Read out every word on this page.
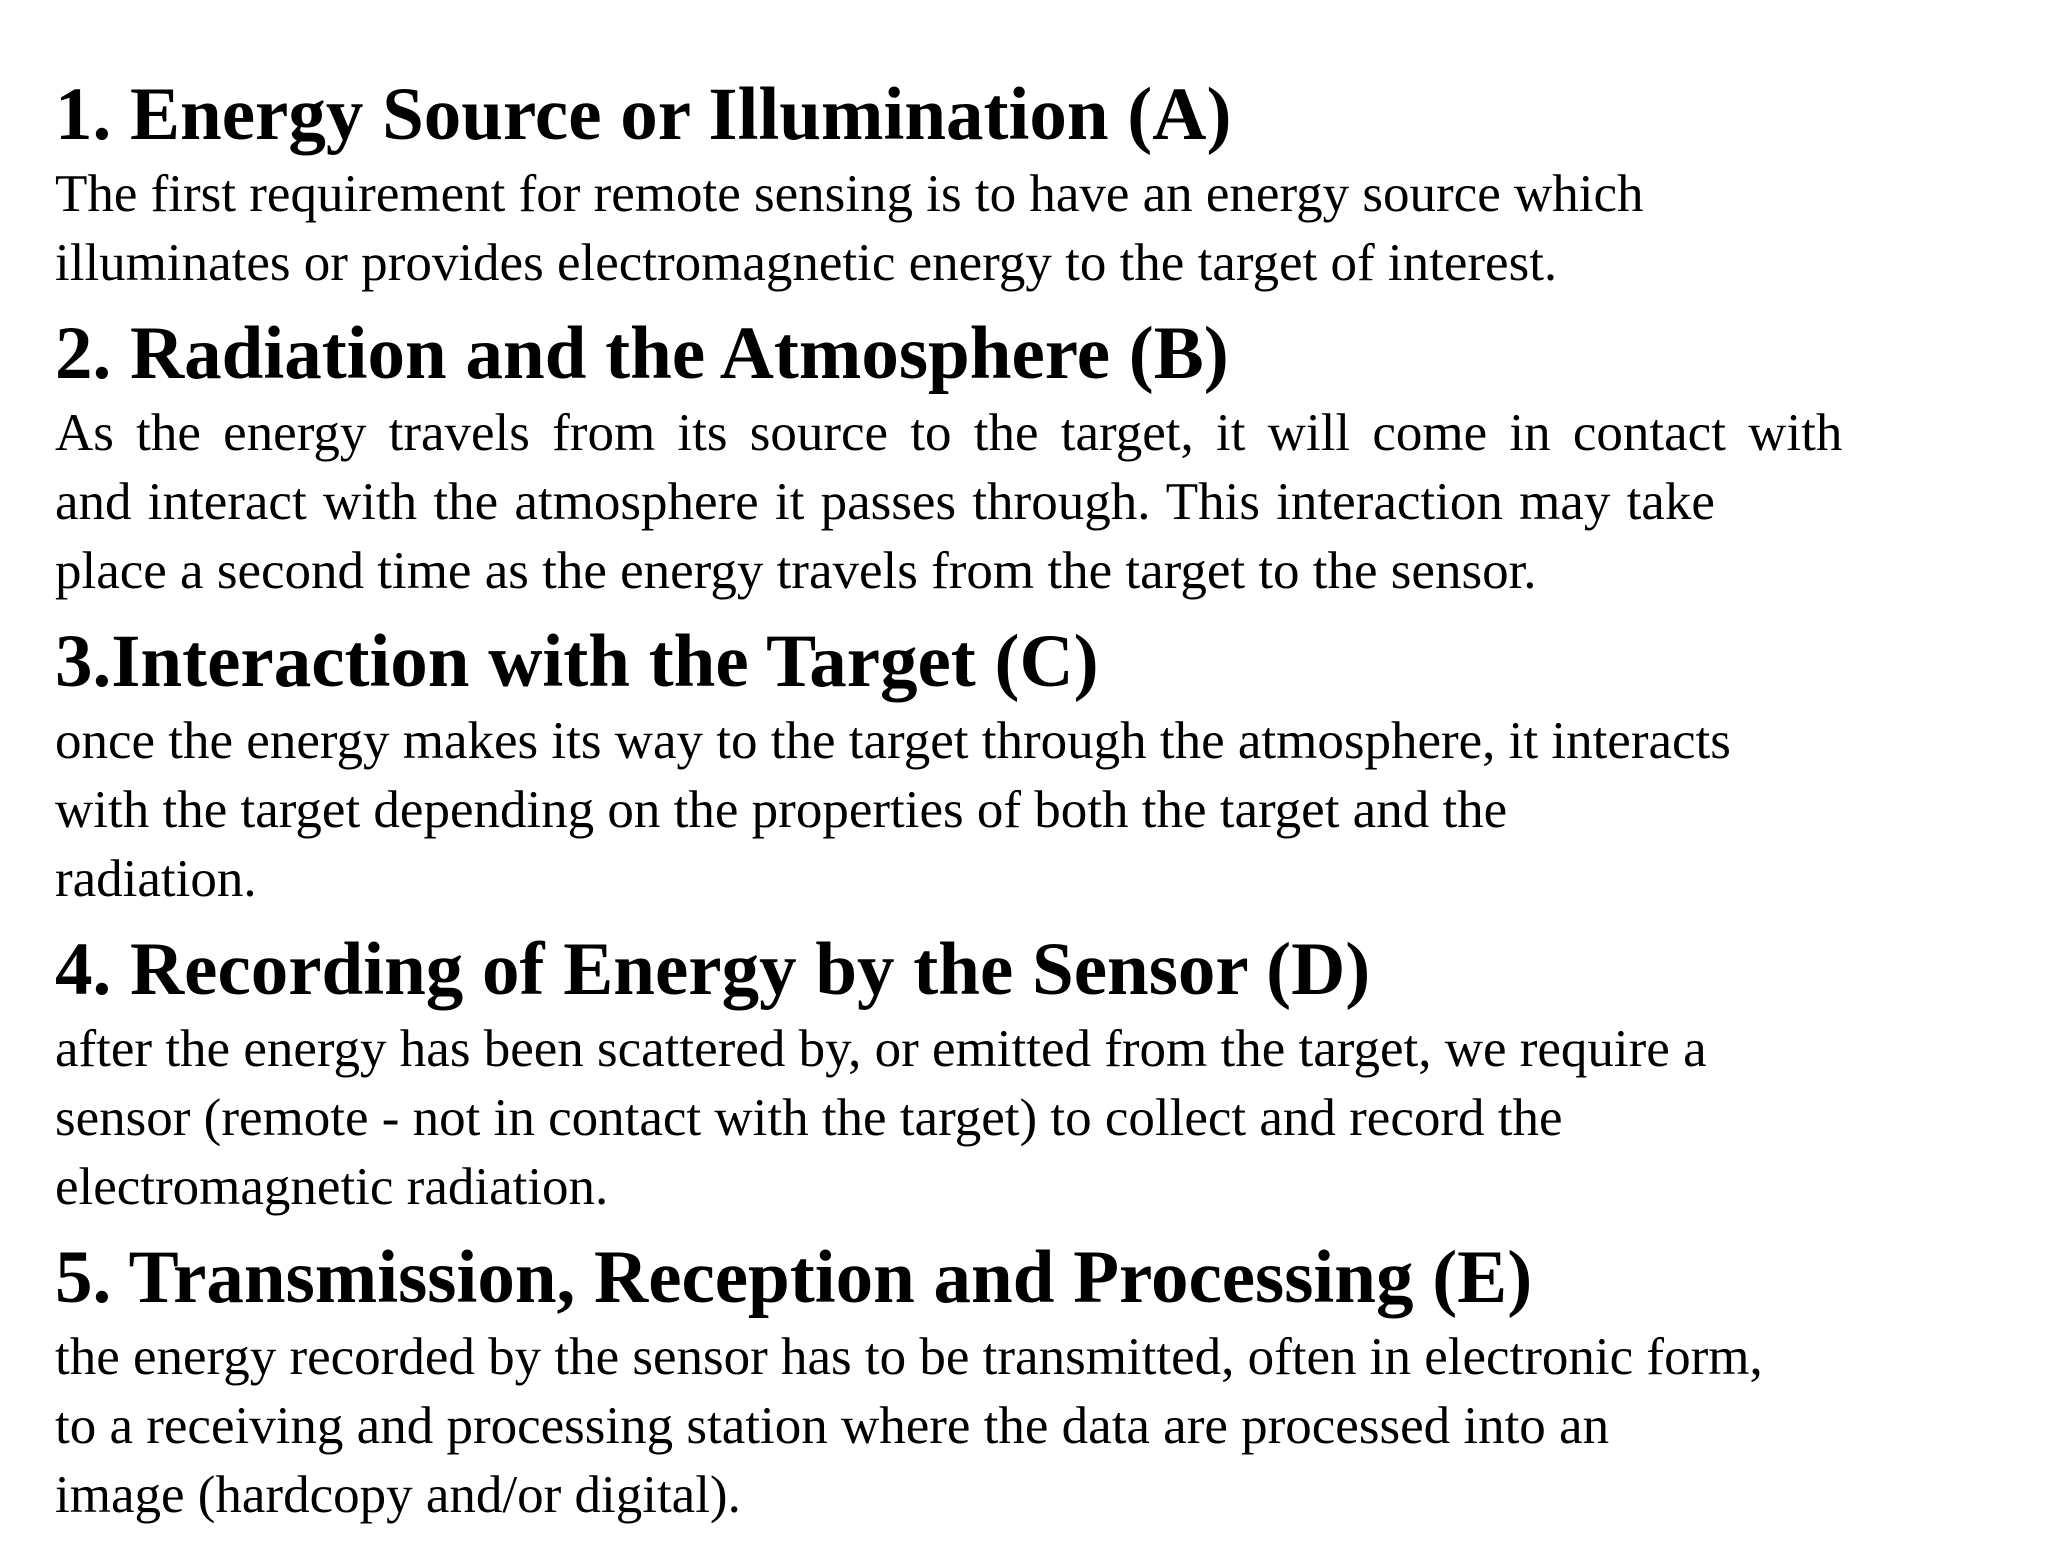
1. Energy Source or Illumination (A)

The first requirement for remote sensing is to have an energy source which
illuminates or provides electromagnetic energy to the target of interest.

2. Radiation and the Atmosphere (B)

As the energy travels from its source to the target, it will come in contact with
and interact with the atmosphere it passes through. This interaction may take
place a second time as the energy travels from the target to the sensor.

3.Interaction with the Target (C)

once the energy makes its way to the target through the atmosphere, it interacts
with the target depending on the properties of both the target and the
radiation.

4. Recording of Energy by the Sensor (D)

after the energy has been scattered by, or emitted from the target, we require a
sensor (remote - not in contact with the target) to collect and record the
electromagnetic radiation.

5. Transmission, Reception and Processing (E)

the energy recorded by the sensor has to be transmitted, often in electronic form,
to a receiving and processing station where the data are processed into an
image (hardcopy and/or digital).
